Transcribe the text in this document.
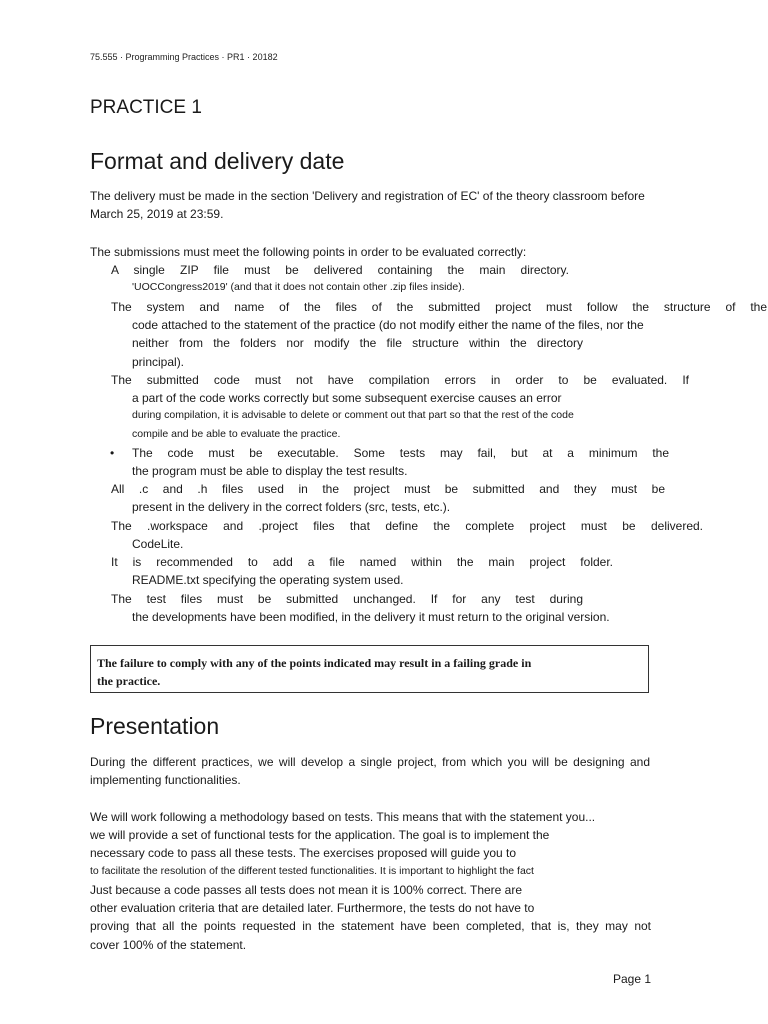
75.555 · Programming Practices · PR1 · 20182
PRACTICE 1
Format and delivery date
The delivery must be made in the section 'Delivery and registration of EC' of the theory classroom before
March 25, 2019 at 23:59.
The submissions must meet the following points in order to be evaluated correctly:
A single ZIP file must be delivered containing the main directory.
'UOCCongress2019' (and that it does not contain other .zip files inside).
The system and name of the files of the submitted project must follow the structure of the
code attached to the statement of the practice (do not modify either the name of the files, nor the
neither from the folders nor modify the file structure within the directory
principal).
The submitted code must not have compilation errors in order to be evaluated. If
a part of the code works correctly but some subsequent exercise causes an error
during compilation, it is advisable to delete or comment out that part so that the rest of the code
compile and be able to evaluate the practice.
• The code must be executable. Some tests may fail, but at a minimum the
the program must be able to display the test results.
All .c and .h files used in the project must be submitted and they must be
present in the delivery in the correct folders (src, tests, etc.).
The .workspace and .project files that define the complete project must be delivered.
CodeLite.
It is recommended to add a file named within the main project folder.
README.txt specifying the operating system used.
The test files must be submitted unchanged. If for any test during
the developments have been modified, in the delivery it must return to the original version.
The failure to comply with any of the points indicated may result in a failing grade in
the practice.
Presentation
During the different practices, we will develop a single project, from which you will be designing and
implementing functionalities.
We will work following a methodology based on tests. This means that with the statement you...
we will provide a set of functional tests for the application. The goal is to implement the
necessary code to pass all these tests. The exercises proposed will guide you to
to facilitate the resolution of the different tested functionalities. It is important to highlight the fact
Just because a code passes all tests does not mean it is 100% correct. There are
other evaluation criteria that are detailed later. Furthermore, the tests do not have to
proving that all the points requested in the statement have been completed, that is, they may not
cover 100% of the statement.
Page 1
